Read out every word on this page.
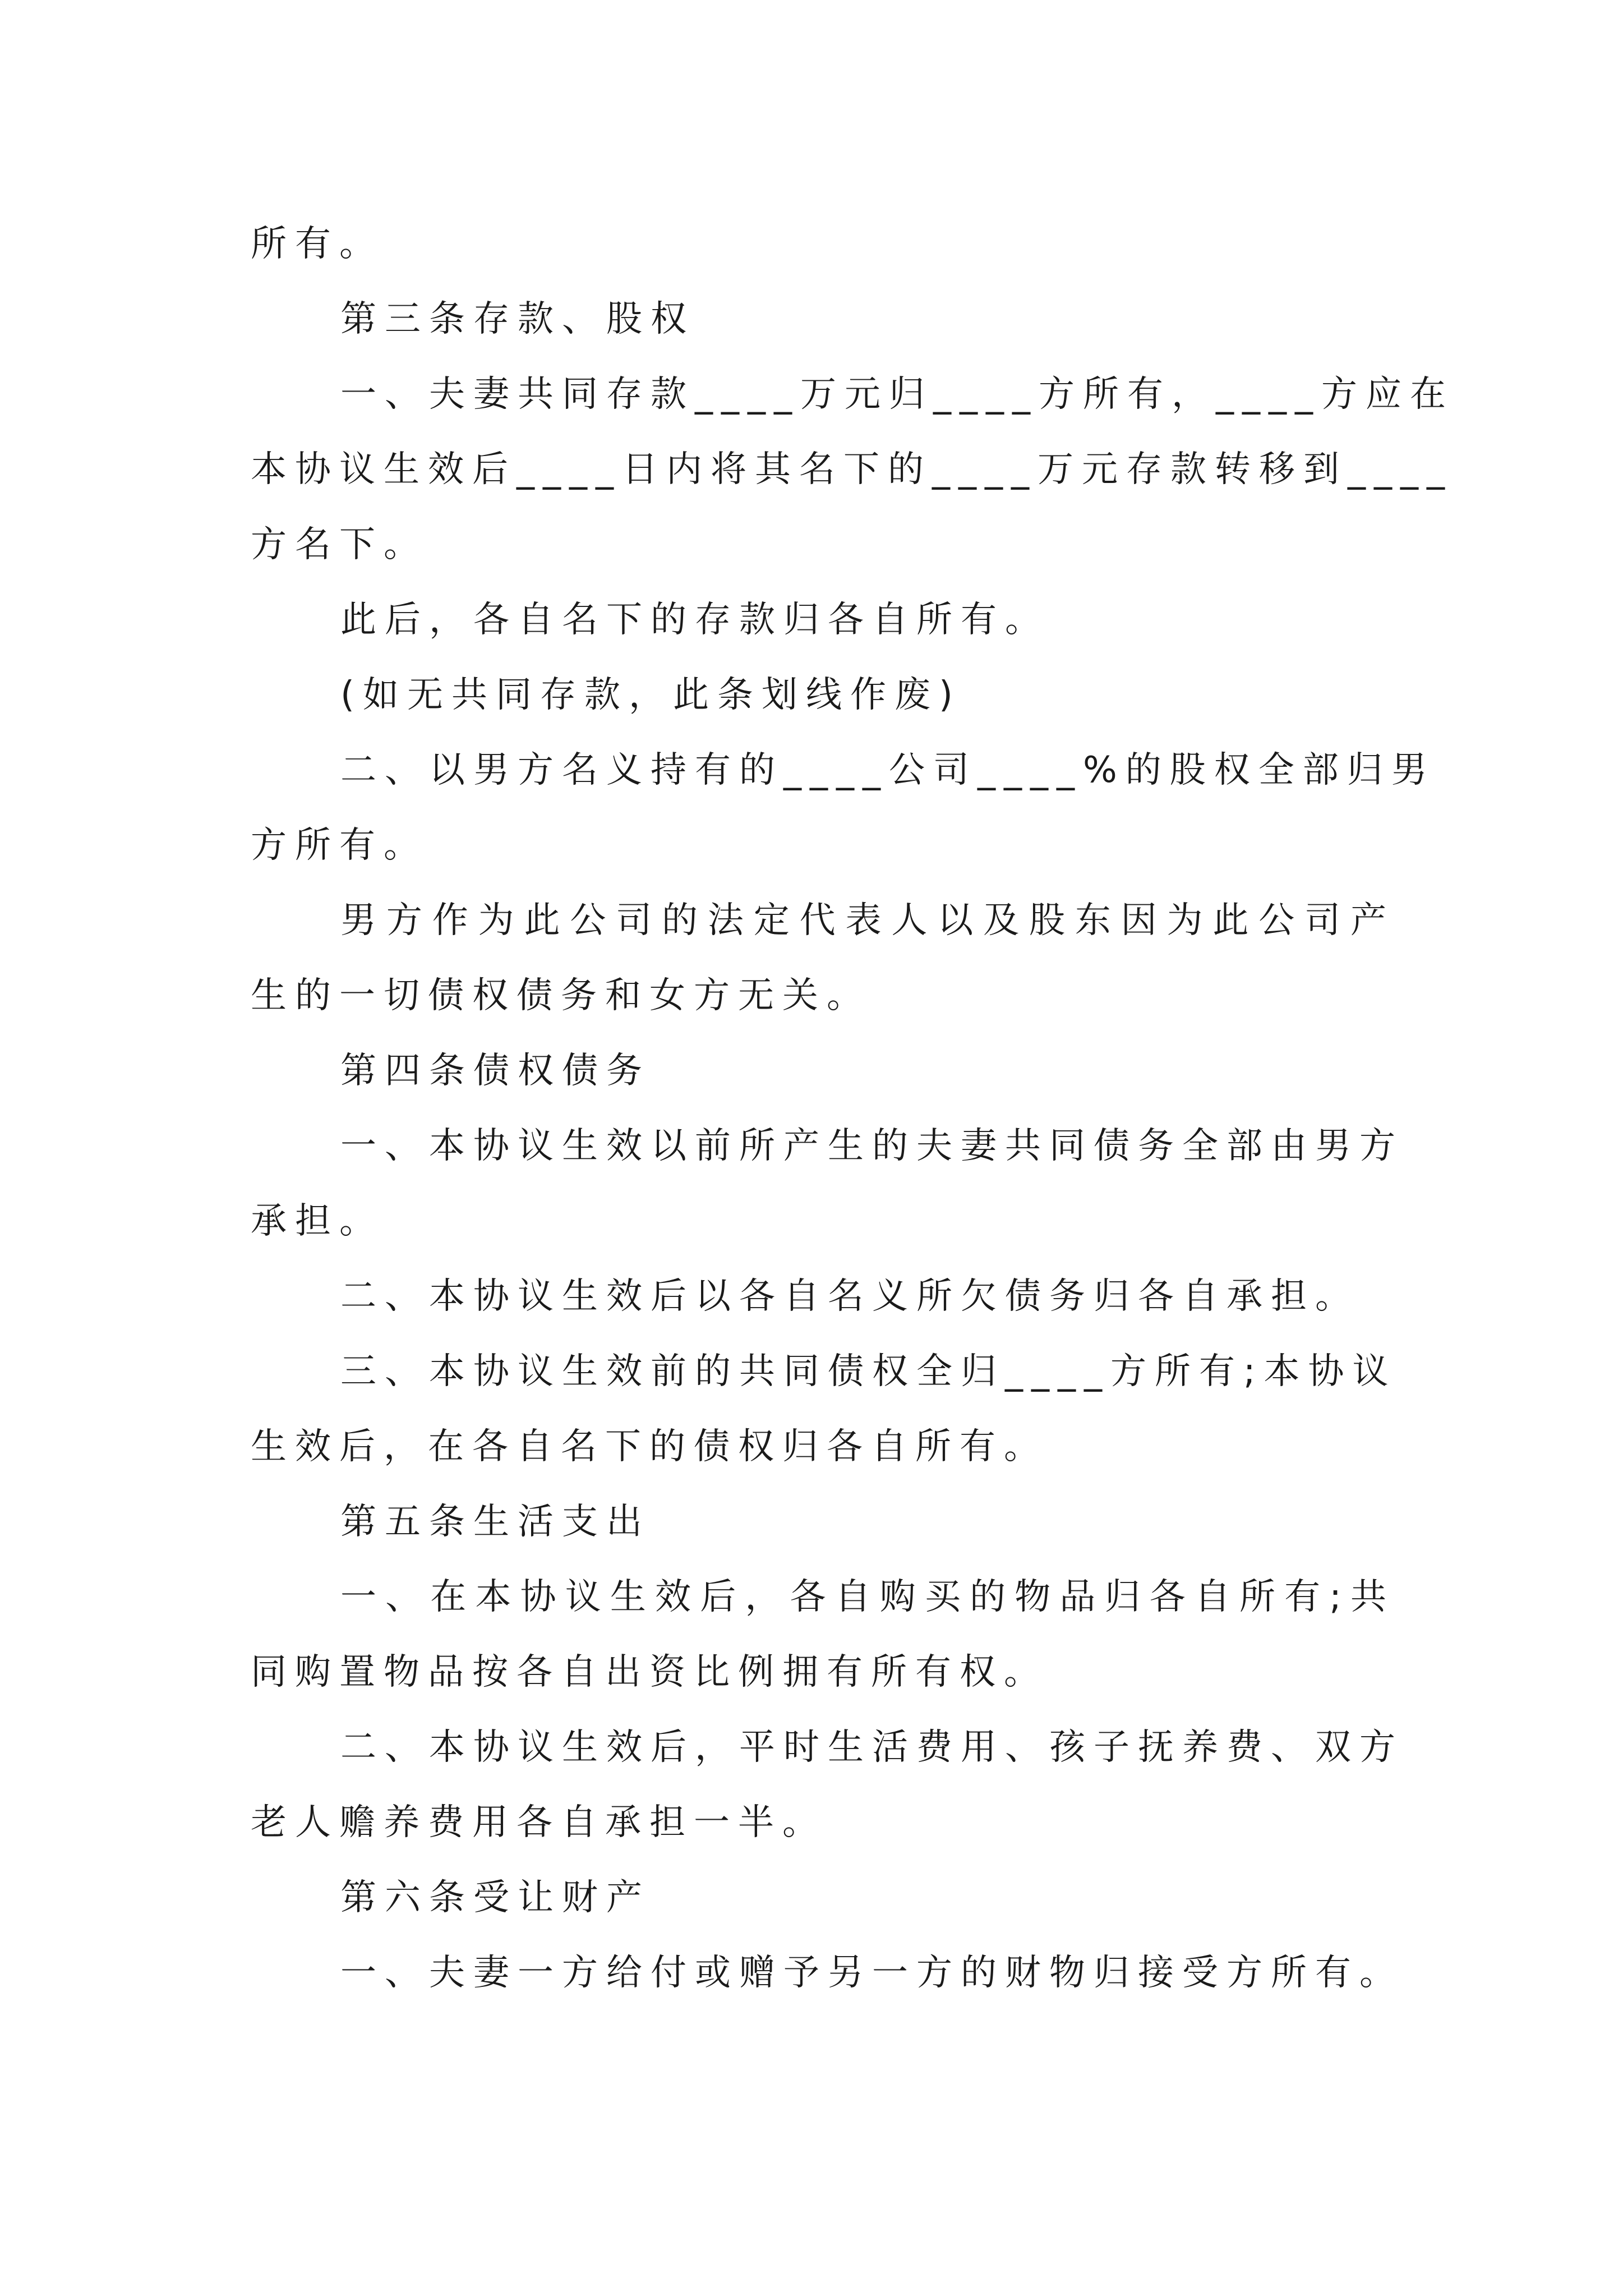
所有。
第三条存款、股权
一、夫妻共同存款____万元归____方所有，____方应在
本协议生效后____日内将其名下的____万元存款转移到____
方名下。
此后，各自名下的存款归各自所有。
(如无共同存款，此条划线作废)
二、以男方名义持有的____公司____%的股权全部归男
方所有。
男方作为此公司的法定代表人以及股东因为此公司产
生的一切债权债务和女方无关。
第四条债权债务
一、本协议生效以前所产生的夫妻共同债务全部由男方
承担。
二、本协议生效后以各自名义所欠债务归各自承担。
三、本协议生效前的共同债权全归____方所有;本协议
生效后，在各自名下的债权归各自所有。
第五条生活支出
一、在本协议生效后，各自购买的物品归各自所有;共
同购置物品按各自出资比例拥有所有权。
二、本协议生效后，平时生活费用、孩子抚养费、双方
老人赡养费用各自承担一半。
第六条受让财产
一、夫妻一方给付或赠予另一方的财物归接受方所有。
